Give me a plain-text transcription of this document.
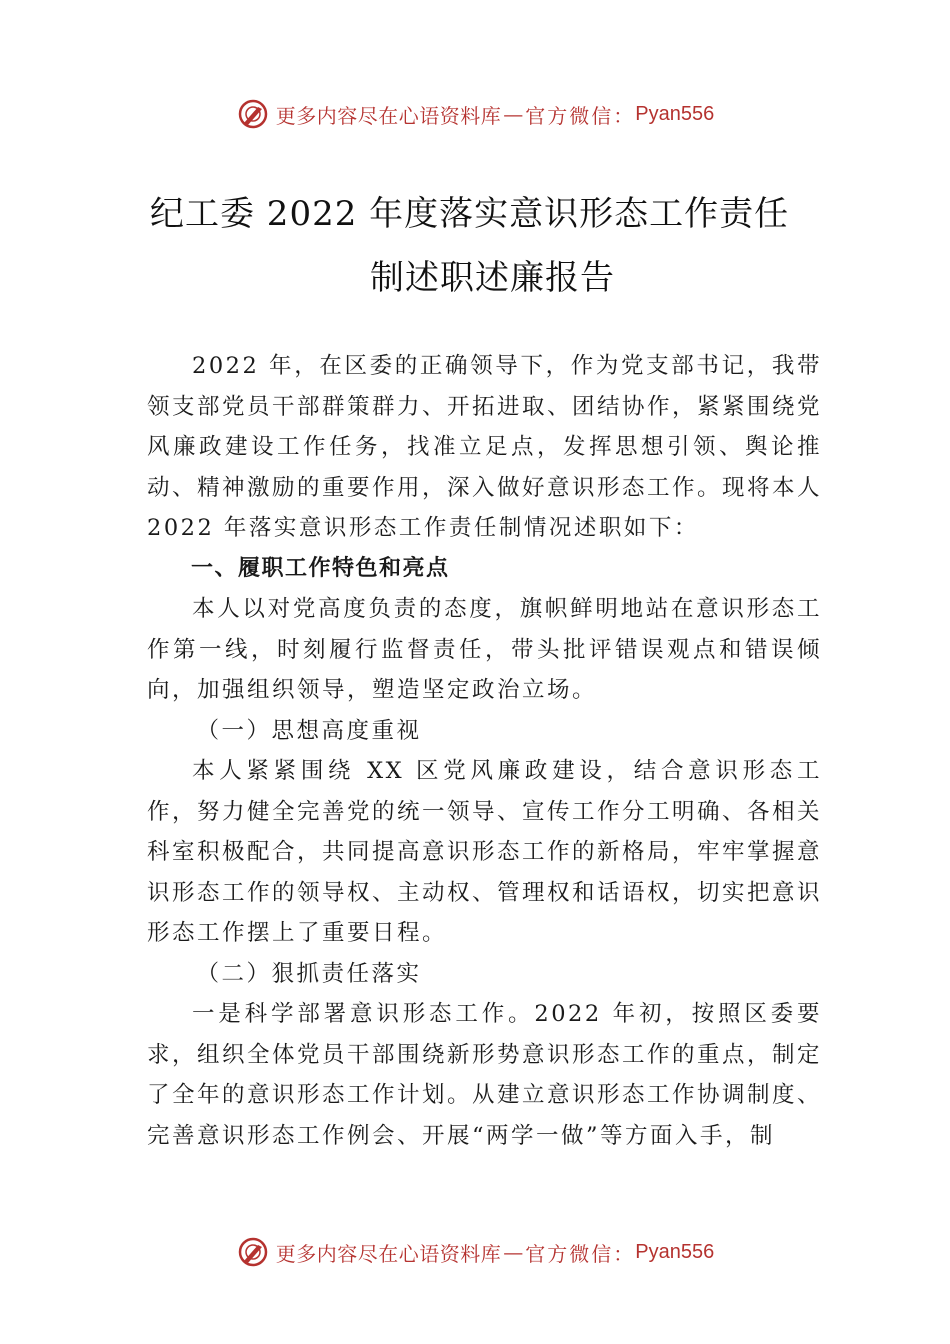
更多内容尽在心语资料库 — 官方微信： Pyan556
纪工委 2022 年度落实意识形态工作责任
制述职述廉报告

2022 年，在区委的正确领导下，作为党支部书记，我带领支部党员干部群策群力、开拓进取、团结协作，紧紧围绕党风廉政建设工作任务，找准立足点，发挥思想引领、舆论推动、精神激励的重要作用，深入做好意识形态工作。现将本人 2022 年落实意识形态工作责任制情况述职如下：

一、履职工作特色和亮点

本人以对党高度负责的态度，旗帜鲜明地站在意识形态工作第一线，时刻履行监督责任，带头批评错误观点和错误倾向，加强组织领导，塑造坚定政治立场。

（一）思想高度重视

本人紧紧围绕 XX 区党风廉政建设，结合意识形态工作，努力健全完善党的统一领导、宣传工作分工明确、各相关科室积极配合，共同提高意识形态工作的新格局，牢牢掌握意识形态工作的领导权、主动权、管理权和话语权，切实把意识形态工作摆上了重要日程。

（二）狠抓责任落实

一是科学部署意识形态工作。2022 年初，按照区委要求，组织全体党员干部围绕新形势意识形态工作的重点，制定了全年的意识形态工作计划。从建立意识形态工作协调制度、 完善意识形态工作例会、开展“两学一做”等方面入手，制

更多内容尽在心语资料库 — 官方微信： Pyan556
